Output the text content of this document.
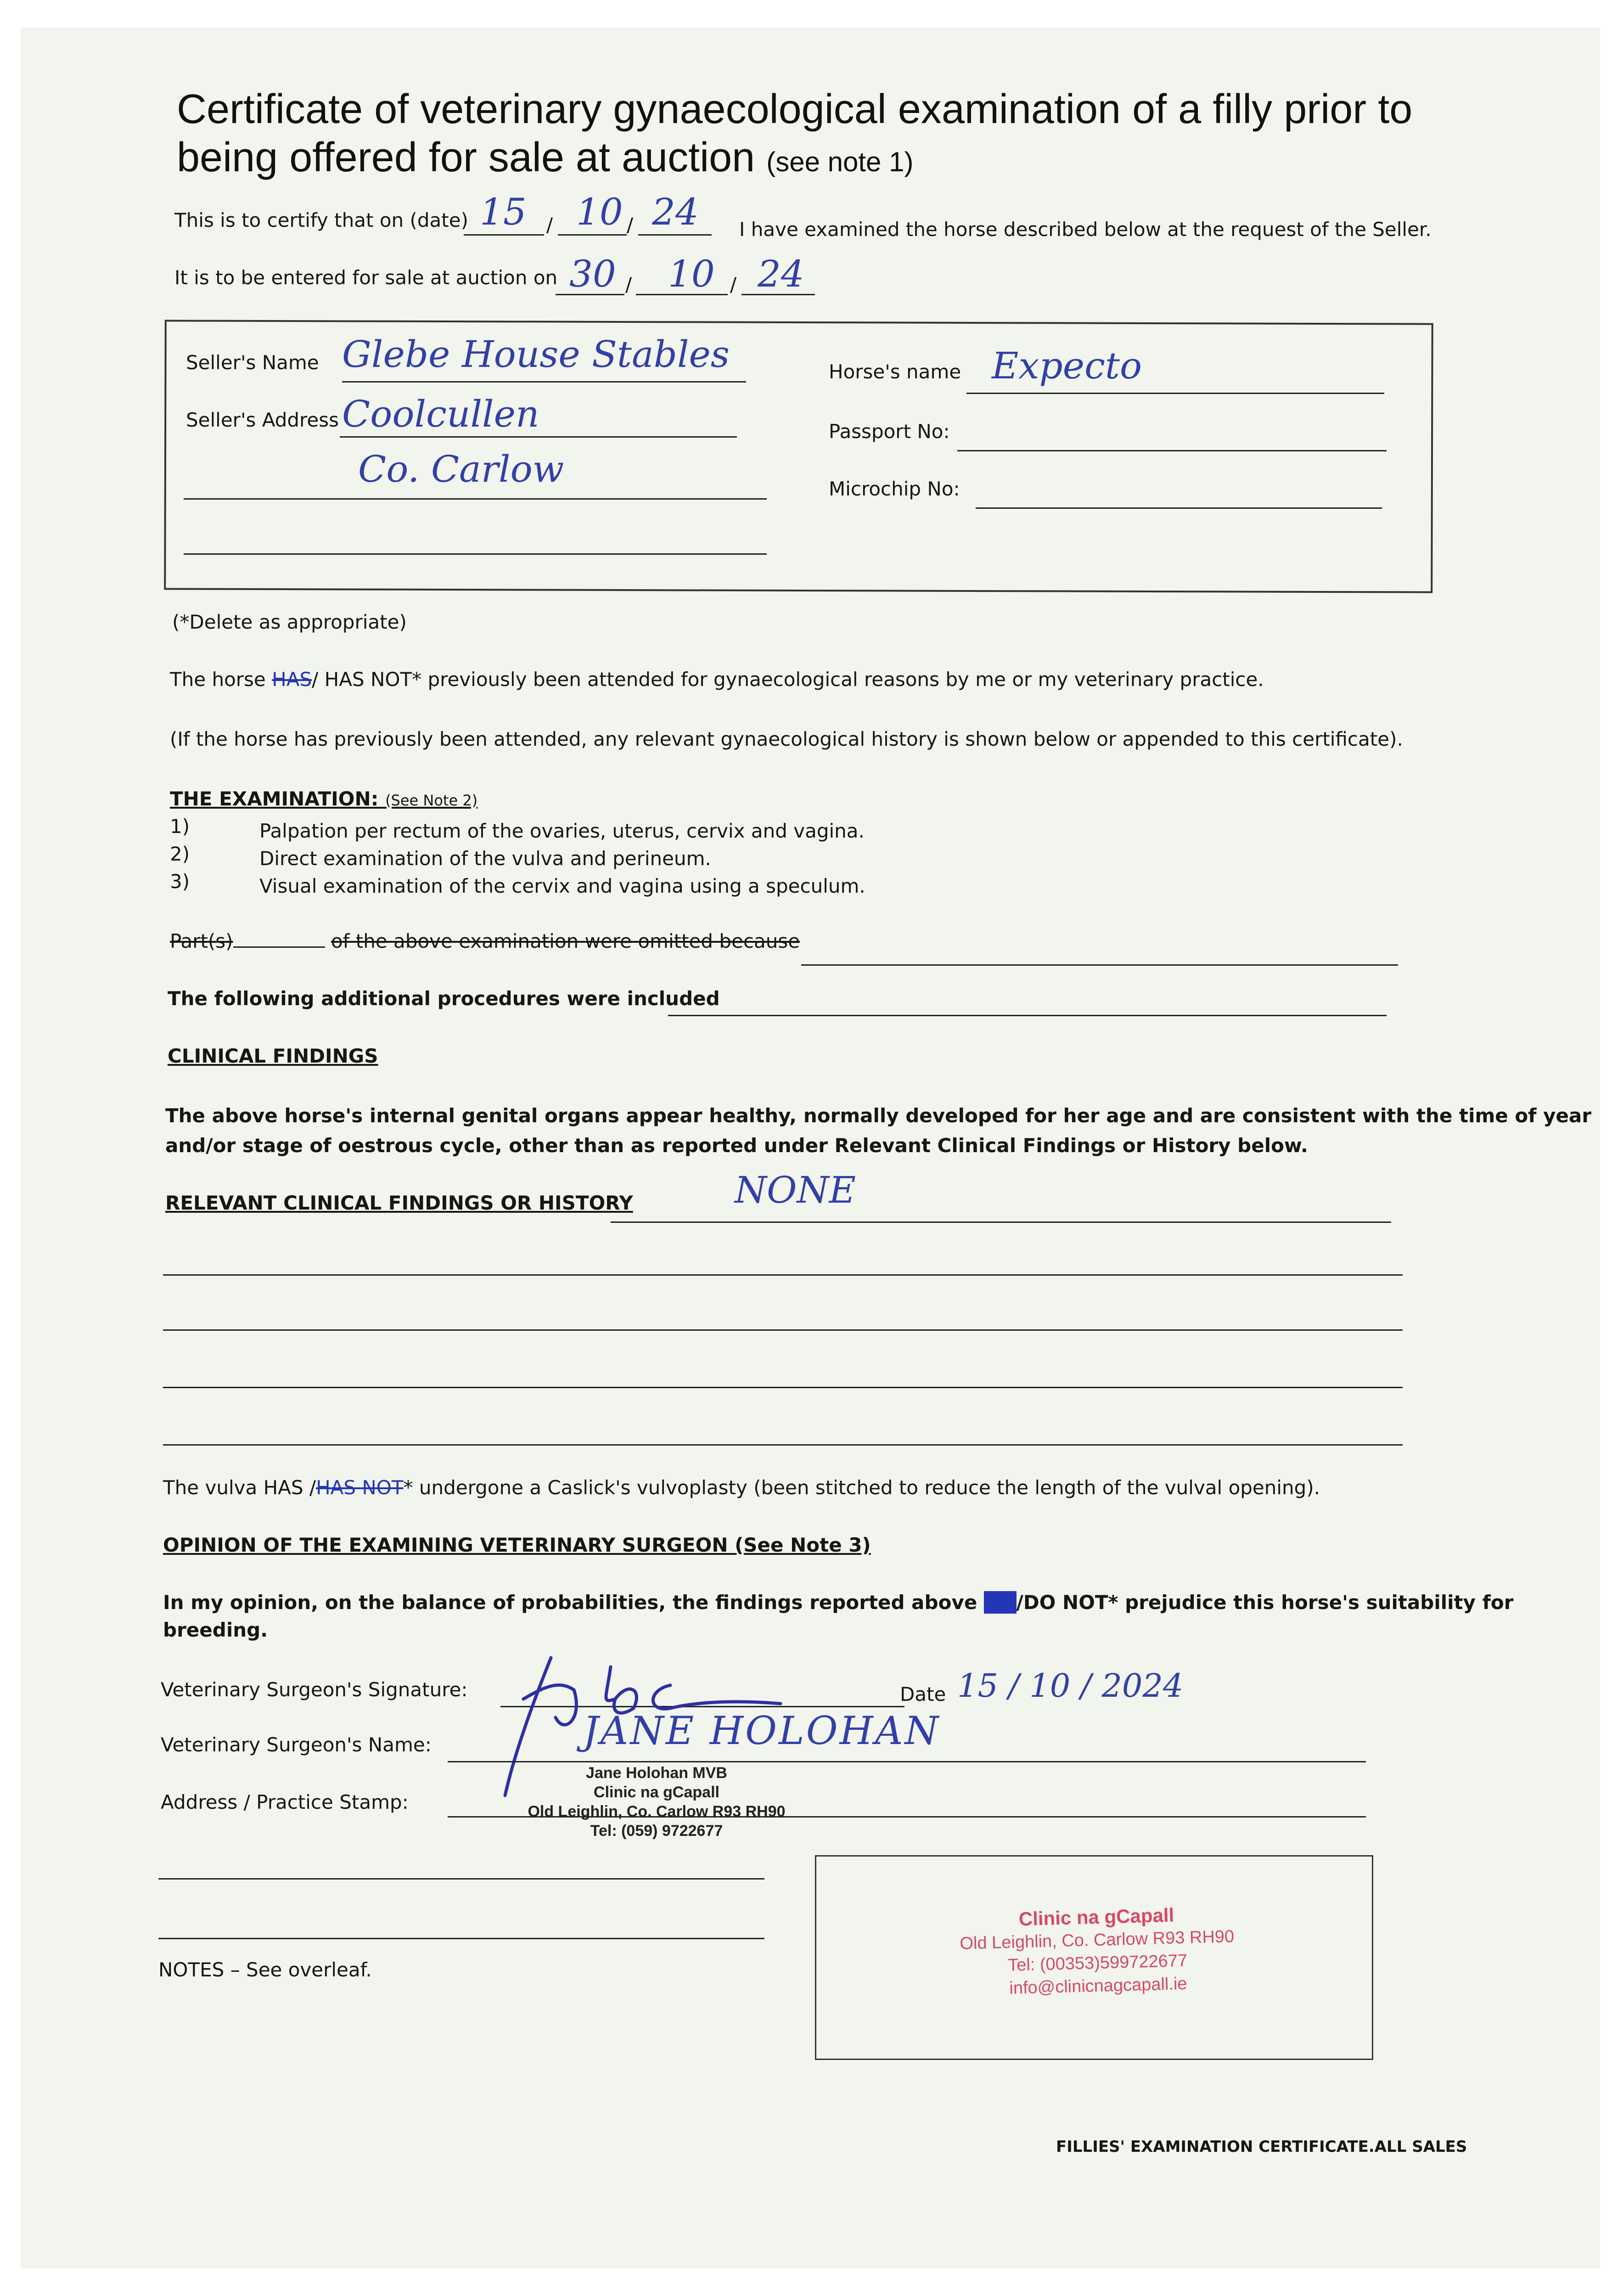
Certificate of veterinary gynaecological examination of a filly prior to
being offered for sale at auction (see note 1)
This is to certify that on (date) 15 / 10 / 24 I have examined the horse described below at the request of the Seller.
It is to be entered for sale at auction on 30 / 10 / 24
Seller's Name Glebe House Stables
Seller's Address Coolcullen
Co. Carlow
Horse's name Expecto
Passport No:
Microchip No:
(*Delete as appropriate)
The horse HAS/ HAS NOT* previously been attended for gynaecological reasons by me or my veterinary practice.
(If the horse has previously been attended, any relevant gynaecological history is shown below or appended to this certificate).
THE EXAMINATION: (See Note 2)
1)	Palpation per rectum of the ovaries, uterus, cervix and vagina.
2)	Direct examination of the vulva and perineum.
3)	Visual examination of the cervix and vagina using a speculum.
Part(s)	of the above examination were omitted because
The following additional procedures were included
CLINICAL FINDINGS
The above horse's internal genital organs appear healthy, normally developed for her age and are consistent with the time of year
and/or stage of oestrous cycle, other than as reported under Relevant Clinical Findings or History below.
RELEVANT CLINICAL FINDINGS OR HISTORY	NONE
The vulva HAS /HAS NOT* undergone a Caslick's vulvoplasty (been stitched to reduce the length of the vulval opening).
OPINION OF THE EXAMINING VETERINARY SURGEON (See Note 3)
In my opinion, on the balance of probabilities, the findings reported above DO/DO NOT* prejudice this horse's suitability for
breeding.
Veterinary Surgeon's Signature:	Date 15 / 10 / 2024
Veterinary Surgeon's Name:	JANE HOLOHAN
Address / Practice Stamp:
Jane Holohan MVB
Clinic na gCapall
Old Leighlin, Co. Carlow R93 RH90
Tel: (059) 9722677
NOTES – See overleaf.
Clinic na gCapall
Old Leighlin, Co. Carlow R93 RH90
Tel: (00353)599722677
info@clinicnagcapall.ie
FILLIES' EXAMINATION CERTIFICATE.ALL SALES
